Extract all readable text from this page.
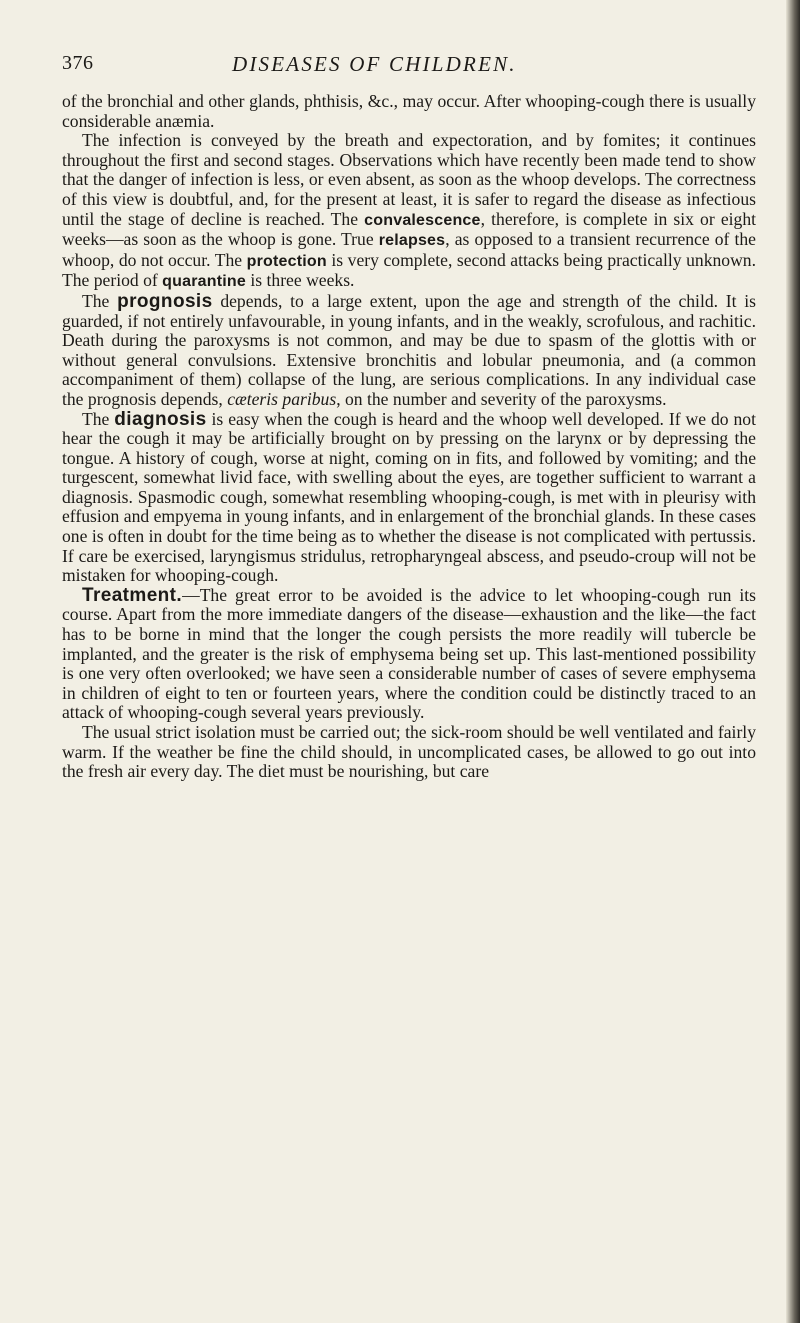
376	DISEASES OF CHILDREN.

of the bronchial and other glands, phthisis, &c., may occur. After whooping-cough there is usually considerable anæmia.

The infection is conveyed by the breath and expectoration, and by fomites; it continues throughout the first and second stages. Observations which have recently been made tend to show that the danger of infection is less, or even absent, as soon as the whoop develops. The correctness of this view is doubtful, and, for the present at least, it is safer to regard the disease as infectious until the stage of decline is reached. The convalescence, therefore, is complete in six or eight weeks—as soon as the whoop is gone. True relapses, as opposed to a transient recurrence of the whoop, do not occur. The protection is very complete, second attacks being practically unknown. The period of quarantine is three weeks.

The prognosis depends, to a large extent, upon the age and strength of the child. It is guarded, if not entirely unfavourable, in young infants, and in the weakly, scrofulous, and rachitic. Death during the paroxysms is not common, and may be due to spasm of the glottis with or without general convulsions. Extensive bronchitis and lobular pneumonia, and (a common accompaniment of them) collapse of the lung, are serious complications. In any individual case the prognosis depends, cæteris paribus, on the number and severity of the paroxysms.

The diagnosis is easy when the cough is heard and the whoop well developed. If we do not hear the cough it may be artificially brought on by pressing on the larynx or by depressing the tongue. A history of cough, worse at night, coming on in fits, and followed by vomiting; and the turgescent, somewhat livid face, with swelling about the eyes, are together sufficient to warrant a diagnosis. Spasmodic cough, somewhat resembling whooping-cough, is met with in pleurisy with effusion and empyema in young infants, and in enlargement of the bronchial glands. In these cases one is often in doubt for the time being as to whether the disease is not complicated with pertussis. If care be exercised, laryngismus stridulus, retropharyngeal abscess, and pseudo-croup will not be mistaken for whooping-cough.

Treatment.—The great error to be avoided is the advice to let whooping-cough run its course. Apart from the more immediate dangers of the disease—exhaustion and the like—the fact has to be borne in mind that the longer the cough persists the more readily will tubercle be implanted, and the greater is the risk of emphysema being set up. This last-mentioned possibility is one very often overlooked; we have seen a considerable number of cases of severe emphysema in children of eight to ten or fourteen years, where the condition could be distinctly traced to an attack of whooping-cough several years previously.

The usual strict isolation must be carried out; the sick-room should be well ventilated and fairly warm. If the weather be fine the child should, in uncomplicated cases, be allowed to go out into the fresh air every day. The diet must be nourishing, but care
